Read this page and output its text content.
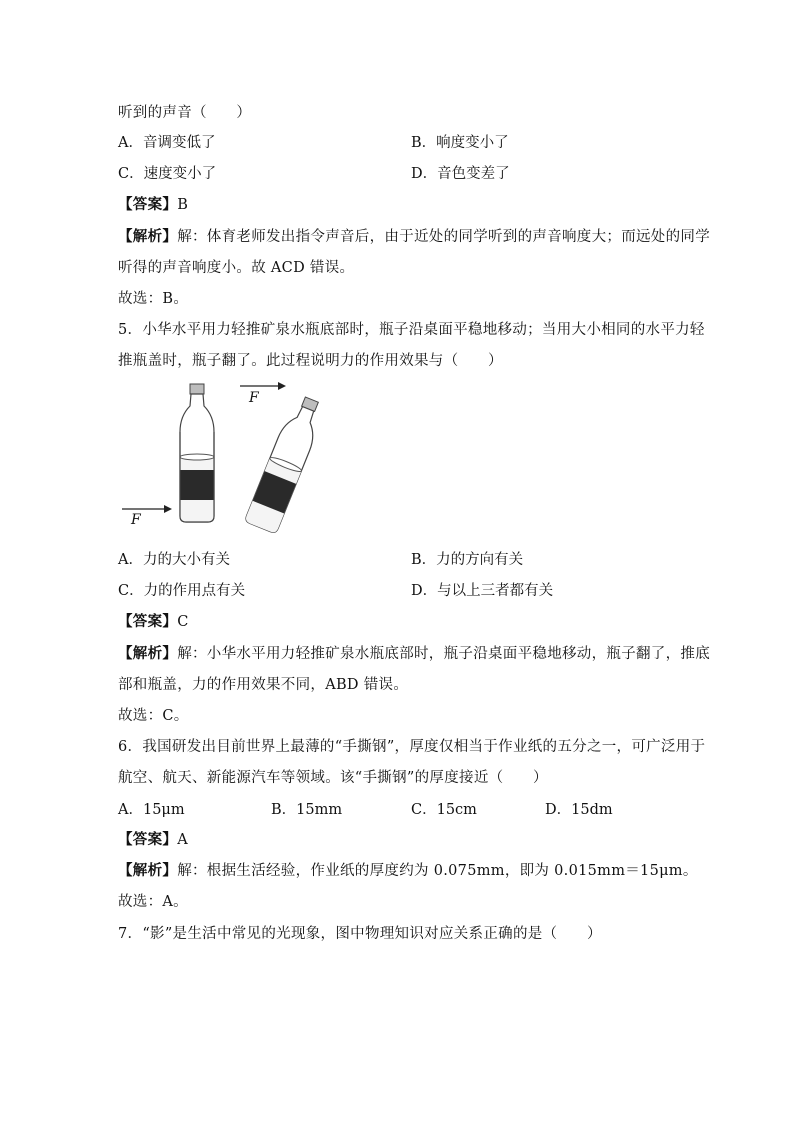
听到的声音（　　）
A．音调变低了	B．响度变小了
C．速度变小了	D．音色变差了
【答案】B
【解析】解：体育老师发出指令声音后，由于近处的同学听到的声音响度大；而远处的同学
听得的声音响度小。故 ACD 错误。
故选：B。
5．小华水平用力轻推矿泉水瓶底部时，瓶子沿桌面平稳地移动；当用大小相同的水平力轻
推瓶盖时，瓶子翻了。此过程说明力的作用效果与（　　）
F
F
A．力的大小有关	B．力的方向有关
C．力的作用点有关	D．与以上三者都有关
【答案】C
【解析】解：小华水平用力轻推矿泉水瓶底部时，瓶子沿桌面平稳地移动，瓶子翻了，推底
部和瓶盖，力的作用效果不同，ABD 错误。
故选：C。
6．我国研发出目前世界上最薄的“手撕钢”，厚度仅相当于作业纸的五分之一，可广泛用于
航空、航天、新能源汽车等领域。该“手撕钢”的厚度接近（　　）
A．15μm	B．15mm	C．15cm	D．15dm
【答案】A
【解析】解：根据生活经验，作业纸的厚度约为 0.075mm，即为 0.015mm＝15μm。
故选：A。
7．“影”是生活中常见的光现象，图中物理知识对应关系正确的是（　　）
